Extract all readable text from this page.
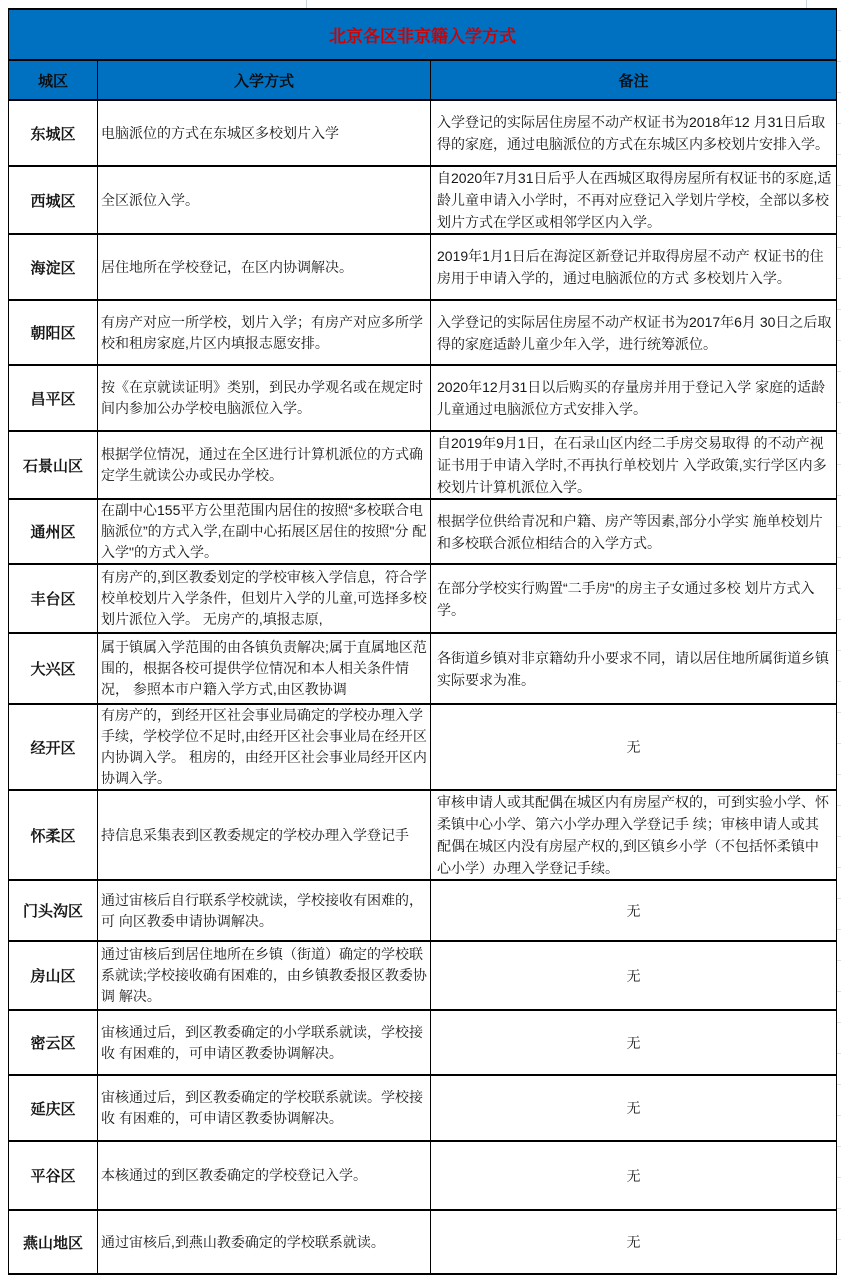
北京各区非京籍入学方式		
城区	入学方式	备注
东城区	电脑派位的方式在东城区多校划片入学	入学登记的实际居住房屋不动产权证书为2018年12 月31日后取得的家庭，通过电脑派位的方式在东城区内多校划片安排入学。
西城区	全区派位入学。	自2020年7月31日后乎人在西城区取得房屋所有权证书的豕庭,适龄儿童申请入小学时，不再对应登记入学划片学校，全部以多校划片方式在学区或相邻学区内入学。
海淀区	居住地所在学校登记，在区内协调解决。	2019年1月1日后在海淀区新登记并取得房屋不动产 权证书的住房用于申请入学的，通过电脑派位的方式 多校划片入学。
朝阳区	有房产对应一所学校，划片入学；有房产对应多所学校和租房家庭,片区内填报志愿安排。	入学登记的实际居住房屋不动产权证书为2017年6月 30日之后取得的家庭适龄儿童少年入学，进行统筹派位。
昌平区	按《在京就读证明》类别，到民办学观名或在规定时 间内参加公办学校电脑派位入学。	2020年12月31日以后购买的存量房并用于登记入学 家庭的适龄儿童通过电脑派位方式安排入学。
石景山区	根据学位情况，通过在全区进行计算机派位的方式确定学生就读公办或民办学校。	自2019年9月1日，在石录山区内经二手房交易取得 的不动产视证书用于申请入学时,不再执行单校划片 入学政策,实行学区内多校划片计算机派位入学。
通州区	在副中心155平方公里范围内居住的按照“多校联合电脑派位”的方式入学,在副中心拓展区居住的按照"分 配入学"的方式入学。	根据学位供给青况和户籍、房产等因素,部分小学实 施单校划片和多校联合派位相结合的入学方式。
丰台区	有房产的,到区教委划定的学校审核入学信息，符合学 校单校划片入学条件，但划片入学的儿童,可选择多校划片派位入学。 无房产的,填报志原,	在部分学校实行购置“二手房"的房主子女通过多校 划片方式入学。
大兴区	属于镇属入学范围的由各镇负责解决;属于直属地区范 围的，根据各校可提供学位情况和本人相关条件情况， 参照本市户籍入学方式,由区教协调	各街道乡镇对非京籍幼升小要求不同，请以居住地所属街道乡镇实际要求为准。
经开区	有房产的，到经开区社会事业局确定的学校办理入学手续，学校学位不足时,由经开区社会事业局在经开区内协调入学。 租房的，由经开区社会事业局经开区内协调入学。	无
怀柔区	持信息采集表到区教委规定的学校办理入学登记手	审核申请人或其配偶在城区内有房屋产权的，可到实验小学、怀柔镇中心小学、第六小学办理入学登记手 续；审核申请人或其配偶在城区内没有房屋产权的,到区镇乡小学（不包括怀柔镇中心小学）办理入学登记手续。
门头沟区	通过宙核后自行联系学校就读，学校接收有困难的，可 向区教委申请协调解决。	无
房山区	通过宙核后到居住地所在乡镇（街道）确定的学校联系就读;学校接收确有困难的，由乡镇教委报区教委协调 解决。	无
密云区	宙核通过后，到区教委确定的小学联系就读，学校接收 有困难的，可申请区教委协调解决。	无
延庆区	宙核通过后，到区教委确定的学校联系就读。学校接收 有困难的，可申请区教委协调解决。	无
平谷区	本核通过的到区教委确定的学校登记入学。	无
燕山地区	通过宙核后,到燕山教委确定的学校联系就读。	无
